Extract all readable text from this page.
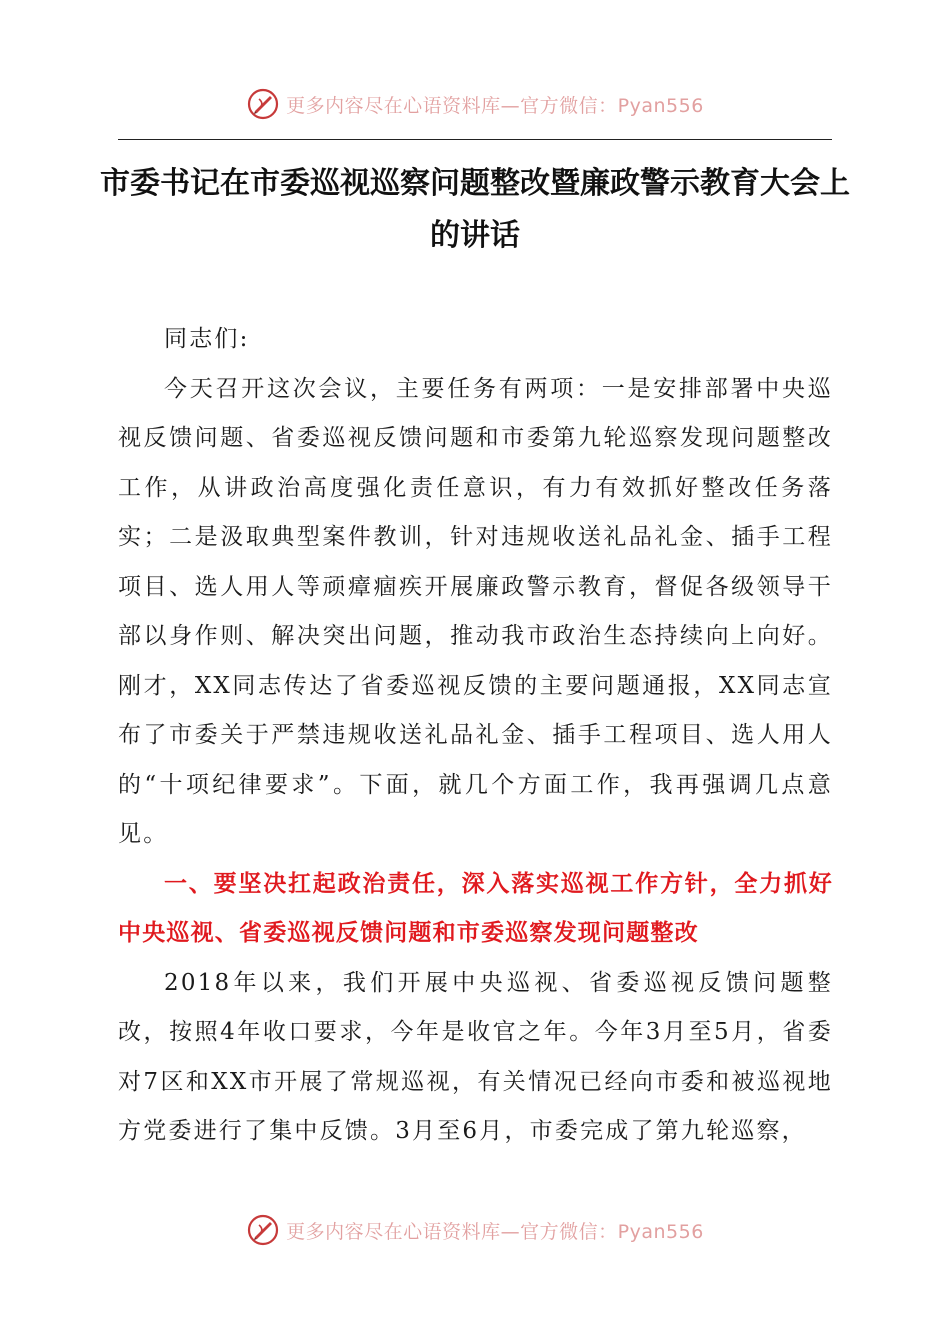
更多内容尽在心语资料库—官方微信：Pyan556
市委书记在市委巡视巡察问题整改暨廉政警示教育大会上的讲话

同志们:

今天召开这次会议，主要任务有两项：一是安排部署中央巡视反馈问题、省委巡视反馈问题和市委第九轮巡察发现问题整改工作，从讲政治高度强化责任意识，有力有效抓好整改任务落实；二是汲取典型案件教训，针对违规收送礼品礼金、插手工程项目、选人用人等顽瘴痼疾开展廉政警示教育，督促各级领导干部以身作则、解决突出问题，推动我市政治生态持续向上向好。刚才，XX同志传达了省委巡视反馈的主要问题通报，XX同志宣布了市委关于严禁违规收送礼品礼金、插手工程项目、选人用人的“十项纪律要求”。下面，就几个方面工作，我再强调几点意见。

一、要坚决扛起政治责任，深入落实巡视工作方针，全力抓好中央巡视、省委巡视反馈问题和市委巡察发现问题整改

2018年以来，我们开展中央巡视、省委巡视反馈问题整改，按照4年收口要求，今年是收官之年。今年3月至5月，省委对7区和XX市开展了常规巡视，有关情况已经向市委和被巡视地方党委进行了集中反馈。3月至6月，市委完成了第九轮巡察，

更多内容尽在心语资料库—官方微信：Pyan556
